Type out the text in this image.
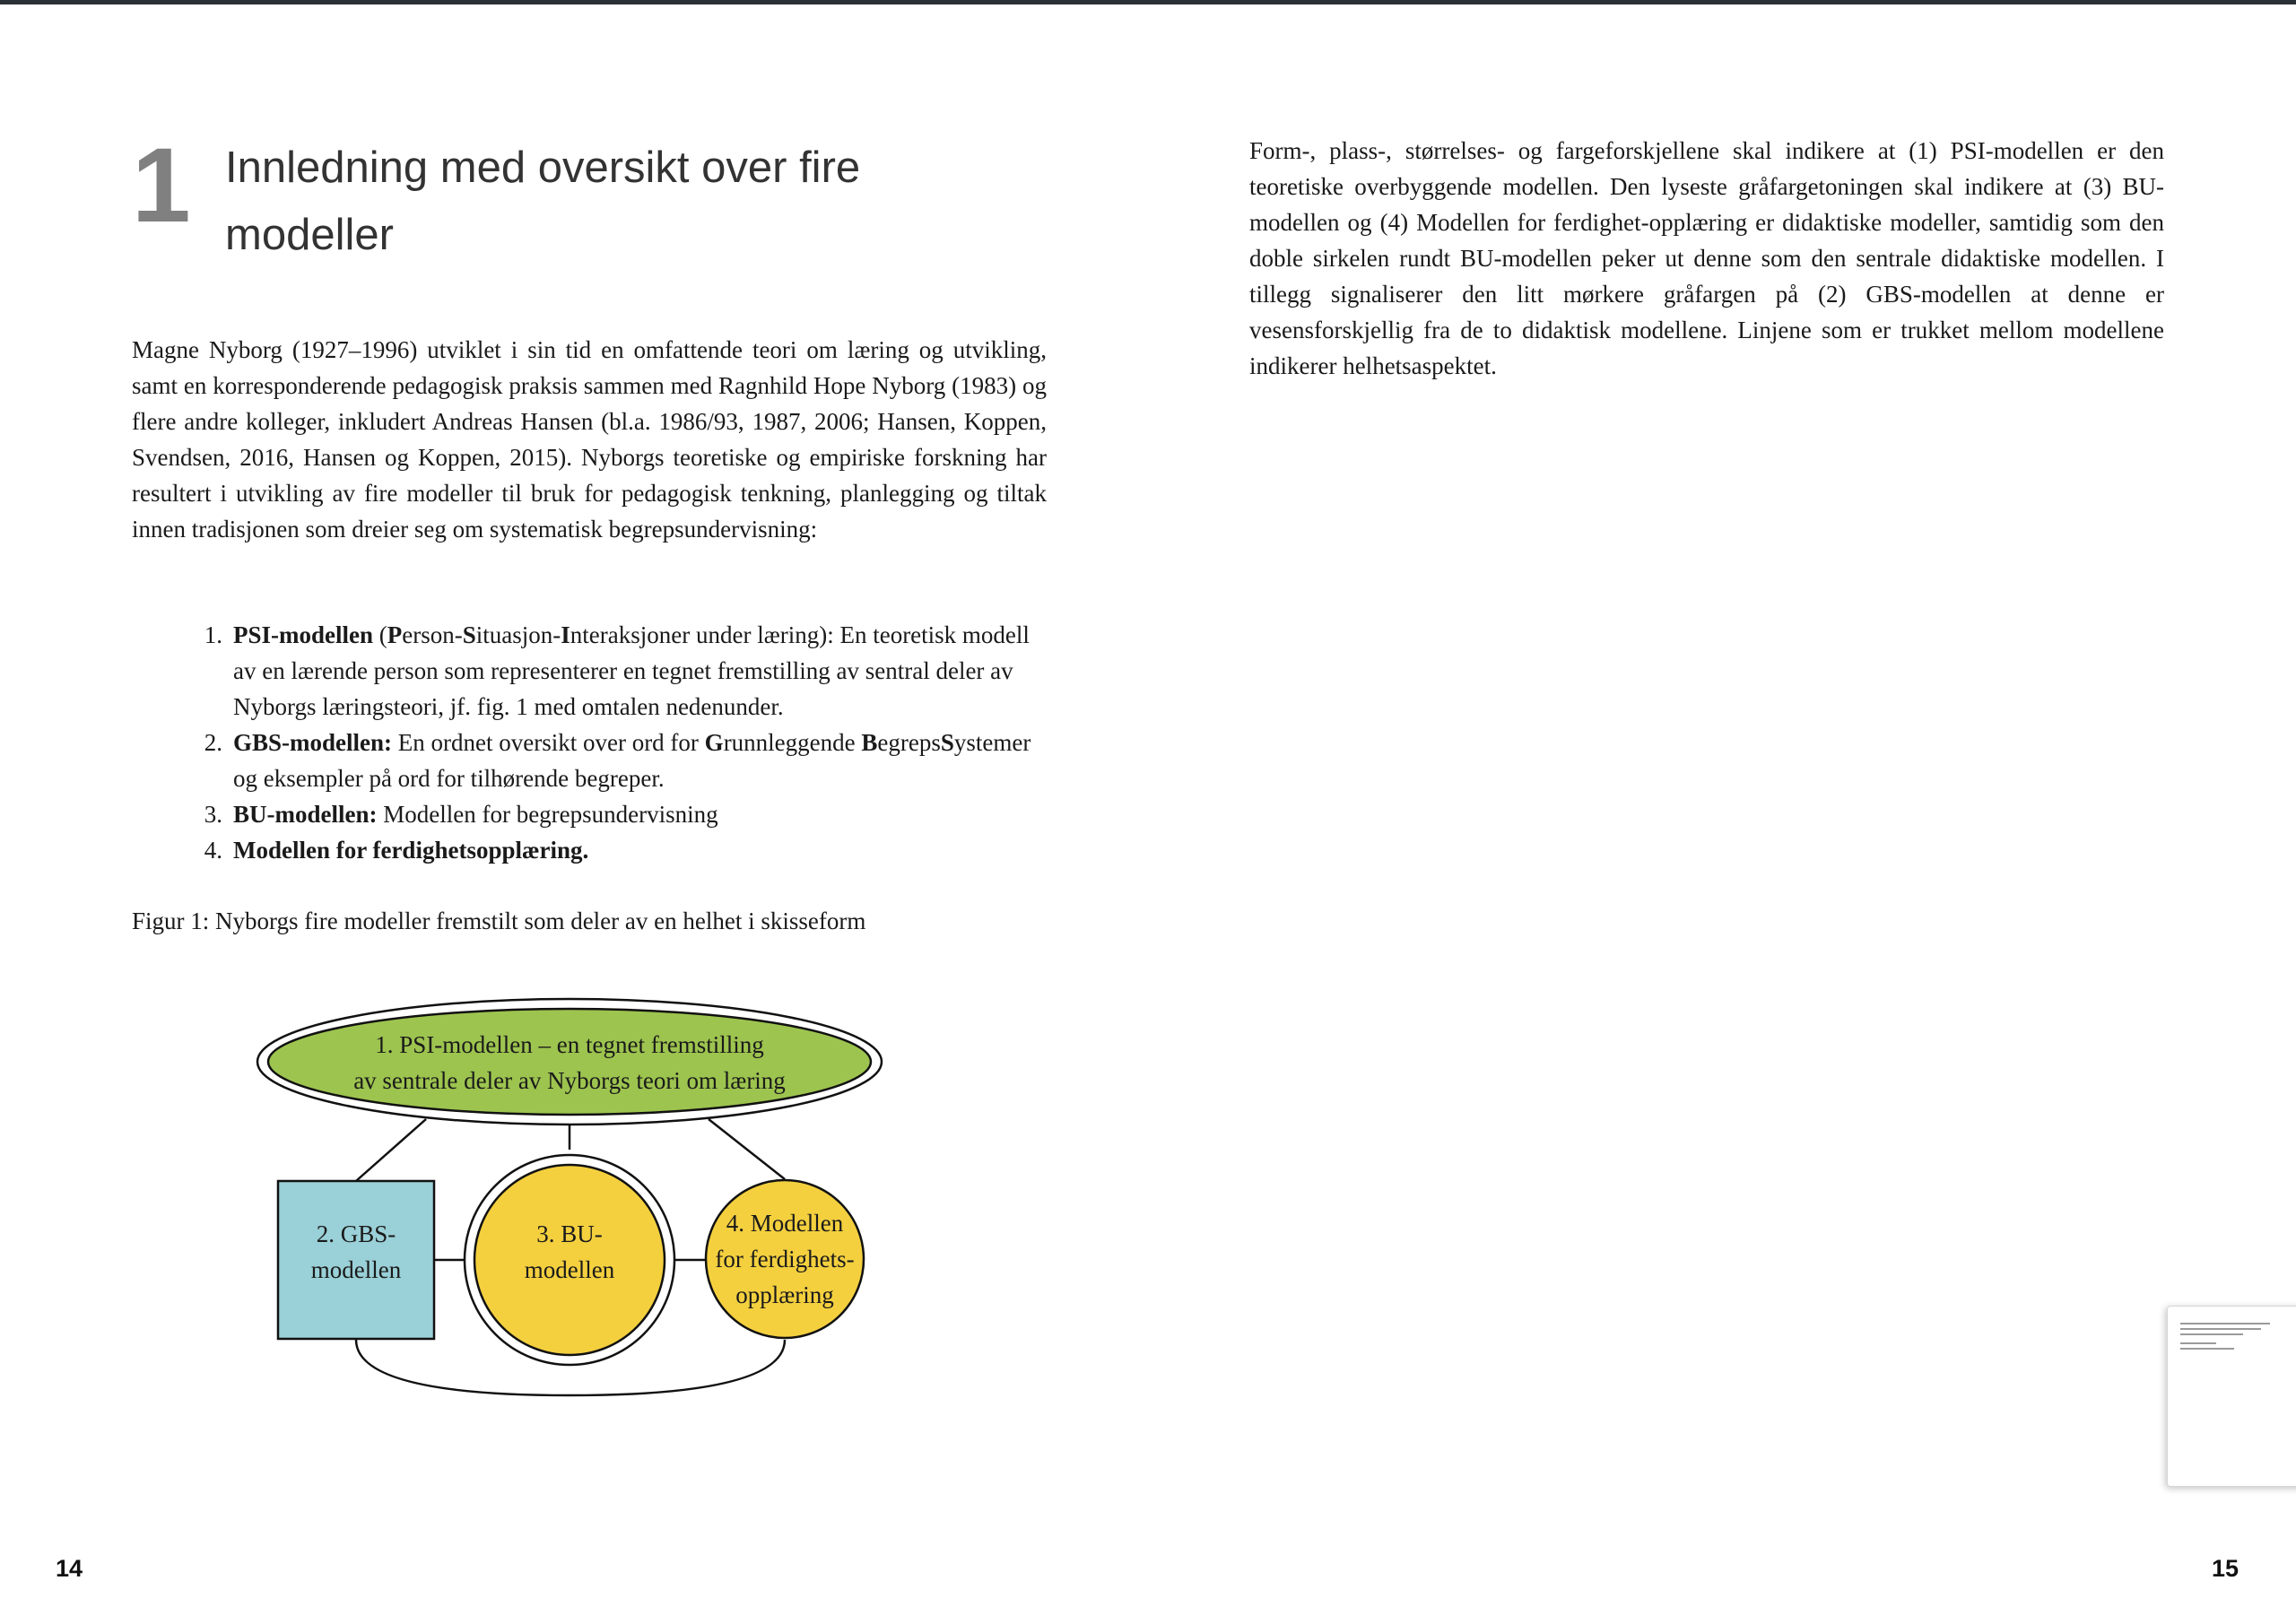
1 Innledning med oversikt over fire modeller

Magne Nyborg (1927–1996) utviklet i sin tid en omfattende teori om læring og utvikling, samt en korresponderende pedagogisk praksis sammen med Ragnhild Hope Nyborg (1983) og flere andre kolleger, inkludert Andreas Hansen (bl.a. 1986/93, 1987, 2006; Hansen, Koppen, Svendsen, 2016, Hansen og Koppen, 2015). Nyborgs teoretiske og empiriske forskning har resultert i utvikling av fire modeller til bruk for pedagogisk tenkning, planlegging og tiltak innen tradisjonen som dreier seg om systematisk begrepsundervisning:

1. PSI-modellen (Person-Situasjon-Interaksjoner under læring): En teoretisk modell av en lærende person som representerer en tegnet fremstilling av sentral deler av Nyborgs læringsteori, jf. fig. 1 med omtalen nedenunder.
2. GBS-modellen: En ordnet oversikt over ord for Grunnleggende BegrepsSystemer og eksempler på ord for tilhørende begreper.
3. BU-modellen: Modellen for begrepsundervisning
4. Modellen for ferdighetsopplæring.

Figur 1: Nyborgs fire modeller fremstilt som deler av en helhet i skisseform

1. PSI-modellen – en tegnet fremstilling
av sentrale deler av Nyborgs teori om læring
2. GBS-
modellen
3. BU-
modellen
4. Modellen
for ferdighets-
opplæring

Form-, plass-, størrelses- og fargeforskjellene skal indikere at (1) PSI-modellen er den teoretiske overbyggende modellen. Den lyseste gråfargetoningen skal indikere at (3) BU-modellen og (4) Modellen for ferdighet-opplæring er didaktiske modeller, samtidig som den doble sirkelen rundt BU-modellen peker ut denne som den sentrale didaktiske modellen. I tillegg signaliserer den litt mørkere gråfargen på (2) GBS-modellen at denne er vesensforskjellig fra de to didaktisk modellene. Linjene som er trukket mellom modellene indikerer helhetsaspektet.

14	15
